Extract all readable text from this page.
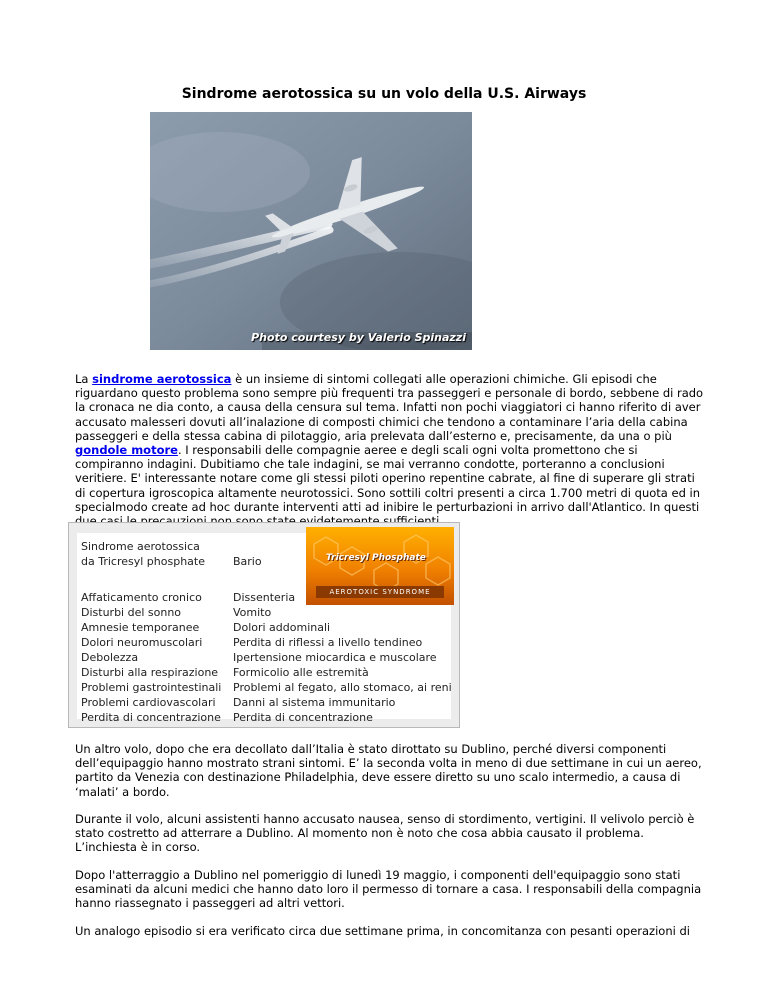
Sindrome aerotossica su un volo della U.S. Airways
Photo courtesy by Valerio Spinazzi

La sindrome aerotossica è un insieme di sintomi collegati alle operazioni chimiche. Gli episodi che riguardano questo problema sono sempre più frequenti tra passeggeri e personale di bordo, sebbene di rado la cronaca ne dia conto, a causa della censura sul tema. Infatti non pochi viaggiatori ci hanno riferito di aver accusato malesseri dovuti all’inalazione di composti chimici che tendono a contaminare l’aria della cabina passeggeri e della stessa cabina di pilotaggio, aria prelevata dall’esterno e, precisamente, da una o più gondole motore. I responsabili delle compagnie aeree e degli scali ogni volta promettono che si compiranno indagini. Dubitiamo che tale indagini, se mai verranno condotte, porteranno a conclusioni veritiere. E' interessante notare come gli stessi piloti operino repentine cabrate, al fine di superare gli strati di copertura igroscopica altamente neurotossici. Sono sottili coltri presenti a circa 1.700 metri di quota ed in specialmodo create ad hoc durante interventi atti ad inibire le perturbazioni in arrivo dall'Atlantico. In questi

Sindrome aerotossica
da Tricresyl phosphate	Bario
Affaticamento cronico
Disturbi del sonno
Amnesie temporanee
Dolori neuromuscolari
Debolezza
Disturbi alla respirazione
Problemi gastrointestinali
Problemi cardiovascolari
Perdita di concentrazione
Dissenteria
Vomito
Dolori addominali
Perdita di riflessi a livello tendineo
Ipertensione miocardica e muscolare
Formicolio alle estremità
Problemi al fegato, allo stomaco, ai reni
Danni al sistema immunitario
Perdita di concentrazione
Tricresyl Phosphate
AEROTOXIC SYNDROME

Un altro volo, dopo che era decollato dall’Italia è stato dirottato su Dublino, perché diversi componenti dell’equipaggio hanno mostrato strani sintomi. E’ la seconda volta in meno di due settimane in cui un aereo, partito da Venezia con destinazione Philadelphia, deve essere diretto su uno scalo intermedio, a causa di ‘malati’ a bordo.

Durante il volo, alcuni assistenti hanno accusato nausea, senso di stordimento, vertigini. Il velivolo perciò è stato costretto ad atterrare a Dublino. Al momento non è noto che cosa abbia causato il problema. L’inchiesta è in corso.

Dopo l'atterraggio a Dublino nel pomeriggio di lunedì 19 maggio, i componenti dell'equipaggio sono stati esaminati da alcuni medici che hanno dato loro il permesso di tornare a casa. I responsabili della compagnia hanno riassegnato i passeggeri ad altri vettori.

Un analogo episodio si era verificato circa due settimane prima, in concomitanza con pesanti operazioni di
